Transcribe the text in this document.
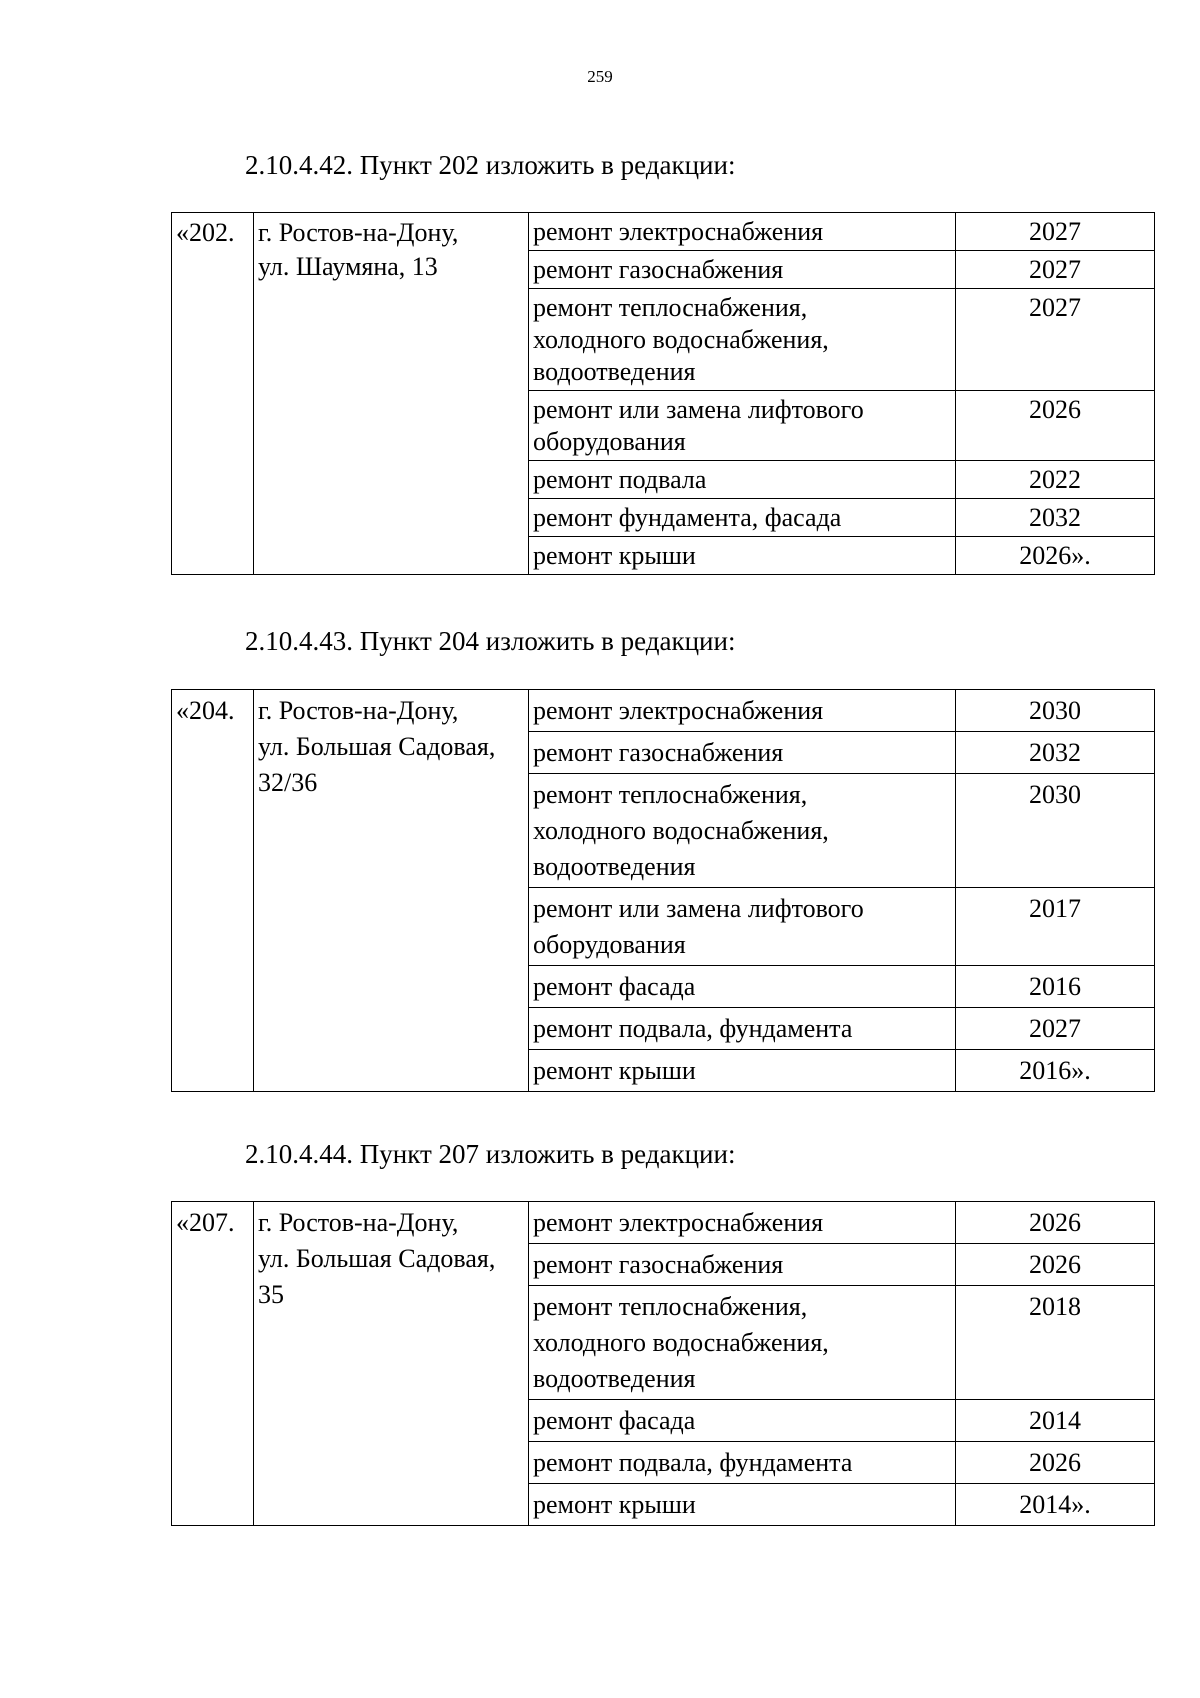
259
2.10.4.42. Пункт 202 изложить в редакции:
«202.	г. Ростов-на-Дону,
ул. Шаумяна, 13	ремонт электроснабжения	2027

		ремонт газоснабжения	2027

		ремонт теплоснабжения,
холодного водоснабжения,
водоотведения	2027

		ремонт или замена лифтового
оборудования	2026

		ремонт подвала	2022

		ремонт фундамента, фасада	2032

		ремонт крыши	2026».
2.10.4.43. Пункт 204 изложить в редакции:
«204.	г. Ростов-на-Дону,
ул. Большая Садовая,
32/36	ремонт электроснабжения	2030

		ремонт газоснабжения	2032

		ремонт теплоснабжения,
холодного водоснабжения,
водоотведения	2030

		ремонт или замена лифтового
оборудования	2017

		ремонт фасада	2016

		ремонт подвала, фундамента	2027

		ремонт крыши	2016».
2.10.4.44. Пункт 207 изложить в редакции:
«207.	г. Ростов-на-Дону,
ул. Большая Садовая,
35	ремонт электроснабжения	2026

		ремонт газоснабжения	2026

		ремонт теплоснабжения,
холодного водоснабжения,
водоотведения	2018

		ремонт фасада	2014

		ремонт подвала, фундамента	2026

		ремонт крыши	2014».
